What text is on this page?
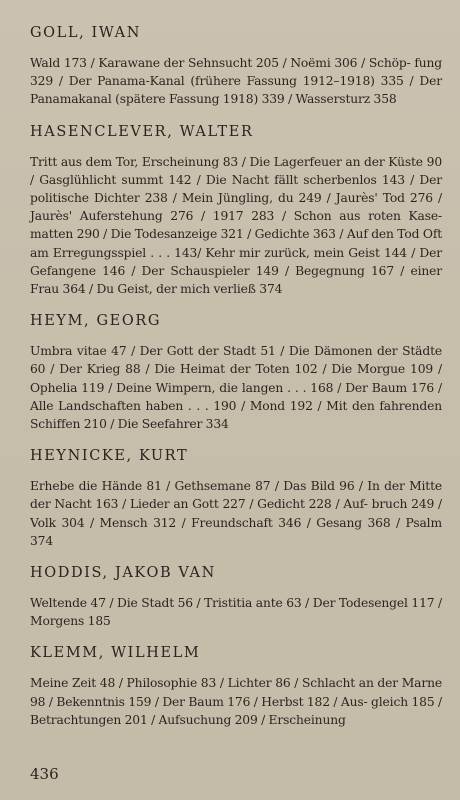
GOLL, IWAN
Wald 173 / Karawane der Sehnsucht 205 / Noëmi 306 / Schöp- fung 329 / Der Panama-Kanal (frühere Fassung 1912–1918) 335 / Der Panamakanal (spätere Fassung 1918) 339 / Wassersturz 358
HASENCLEVER, WALTER
Tritt aus dem Tor, Erscheinung 83 / Die Lagerfeuer an der Küste 90 / Gasglühlicht summt 142 / Die Nacht fällt scherbenlos 143 / Der politische Dichter 238 / Mein Jüngling, du 249 / Jaurès' Tod 276 / Jaurès' Auferstehung 276 / 1917 283 / Schon aus roten Kase- matten 290 / Die Todesanzeige 321 / Gedichte 363 / Auf den Tod Oft am Erregungsspiel . . . 143/ Kehr mir zurück, mein Geist 144 / Der Gefangene 146 / Der Schauspieler 149 / Begegnung 167 / einer Frau 364 / Du Geist, der mich verließ 374
HEYM, GEORG
Umbra vitae 47 / Der Gott der Stadt 51 / Die Dämonen der Städte 60 / Der Krieg 88 / Die Heimat der Toten 102 / Die Morgue 109 / Ophelia 119 / Deine Wimpern, die langen . . . 168 / Der Baum 176 / Alle Landschaften haben . . . 190 / Mond 192 / Mit den fahrenden Schiffen 210 / Die Seefahrer 334
HEYNICKE, KURT
Erhebe die Hände 81 / Gethsemane 87 / Das Bild 96 / In der Mitte der Nacht 163 / Lieder an Gott 227 / Gedicht 228 / Auf- bruch 249 / Volk 304 / Mensch 312 / Freundschaft 346 / Gesang 368 / Psalm 374
HODDIS, JAKOB VAN
Weltende 47 / Die Stadt 56 / Tristitia ante 63 / Der Todesengel 117 / Morgens 185
KLEMM, WILHELM
Meine Zeit 48 / Philosophie 83 / Lichter 86 / Schlacht an der Marne 98 / Bekenntnis 159 / Der Baum 176 / Herbst 182 / Aus- gleich 185 / Betrachtungen 201 / Aufsuchung 209 / Erscheinung
436
